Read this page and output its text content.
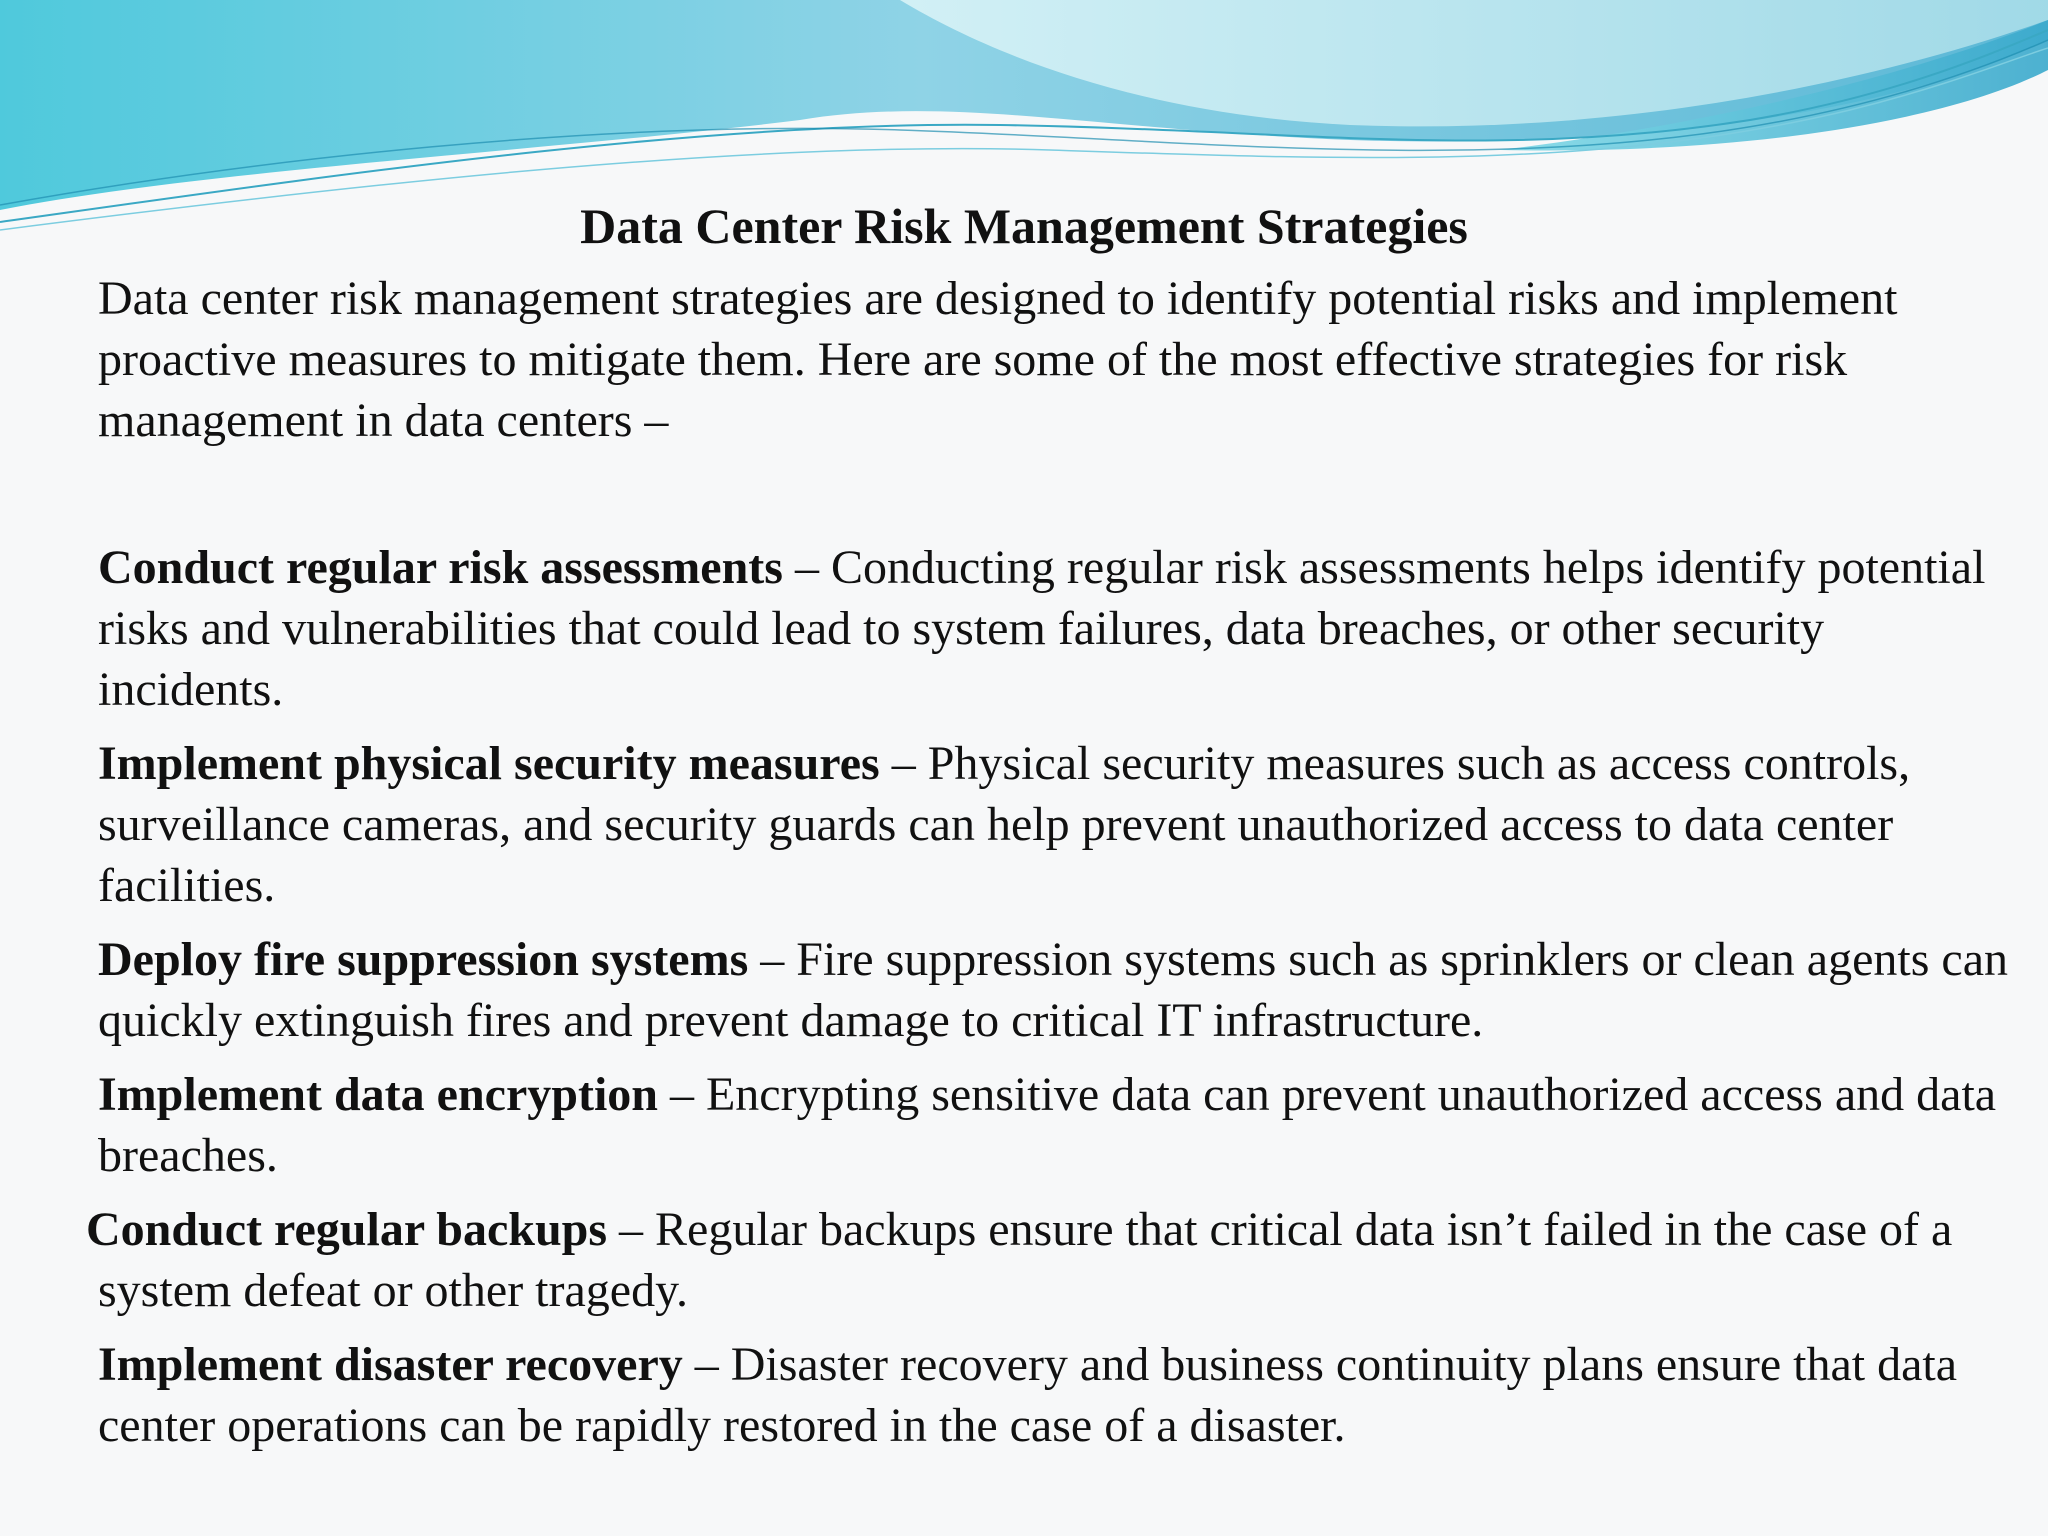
Data Center Risk Management Strategies

Data center risk management strategies are designed to identify potential risks and implement proactive measures to mitigate them. Here are some of the most effective strategies for risk management in data centers –

Conduct regular risk assessments – Conducting regular risk assessments helps identify potential risks and vulnerabilities that could lead to system failures, data breaches, or other security incidents.

Implement physical security measures – Physical security measures such as access controls, surveillance cameras, and security guards can help prevent unauthorized access to data center facilities.

Deploy fire suppression systems – Fire suppression systems such as sprinklers or clean agents can quickly extinguish fires and prevent damage to critical IT infrastructure.

Implement data encryption – Encrypting sensitive data can prevent unauthorized access and data breaches.

Conduct regular backups – Regular backups ensure that critical data isn’t failed in the case of a system defeat or other tragedy.

Implement disaster recovery – Disaster recovery and business continuity plans ensure that data center operations can be rapidly restored in the case of a disaster.
